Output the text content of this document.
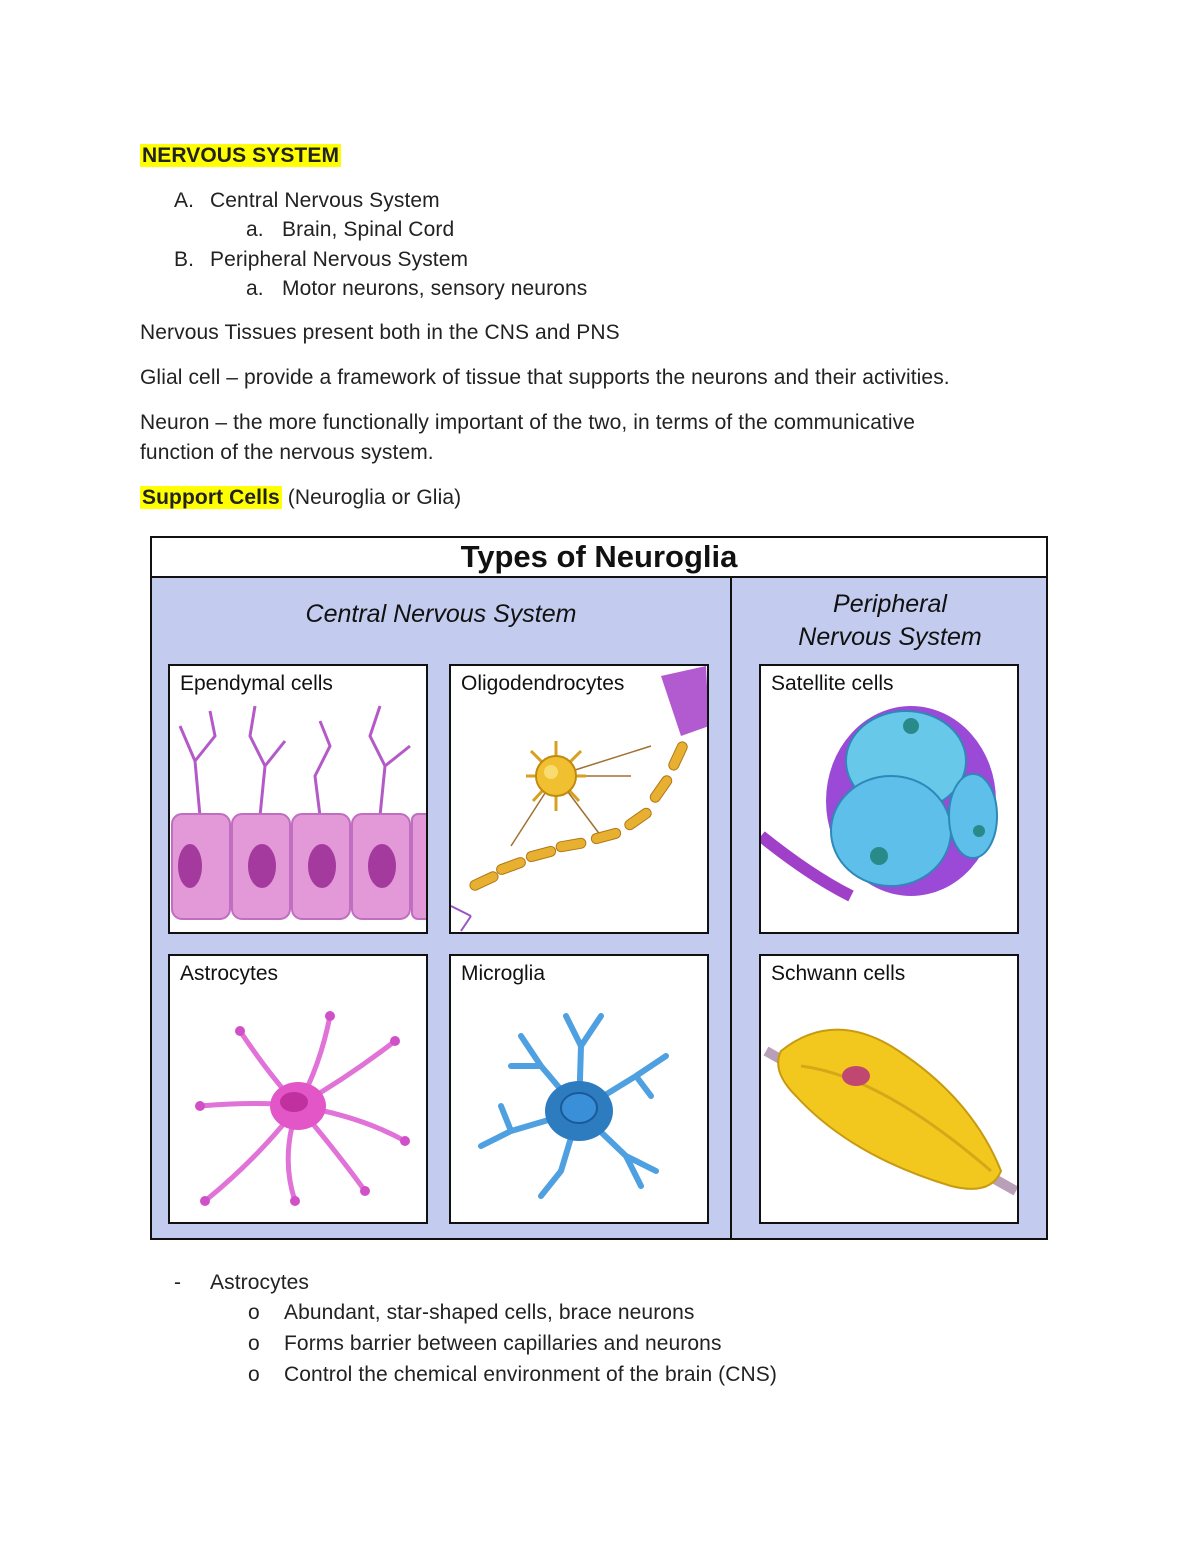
NERVOUS SYSTEM
A. Central Nervous System
a. Brain, Spinal Cord
B. Peripheral Nervous System
a. Motor neurons, sensory neurons
Nervous Tissues present both in the CNS and PNS
Glial cell – provide a framework of tissue that supports the neurons and their activities.
Neuron – the more functionally important of the two, in terms of the communicative
function of the nervous system.
Support Cells (Neuroglia or Glia)
Types of Neuroglia
Central Nervous System	Peripheral
Nervous System
Ependymal cells	Oligodendrocytes	Satellite cells
Astrocytes	Microglia	Schwann cells
- Astrocytes
o Abundant, star-shaped cells, brace neurons
o Forms barrier between capillaries and neurons
o Control the chemical environment of the brain (CNS)
